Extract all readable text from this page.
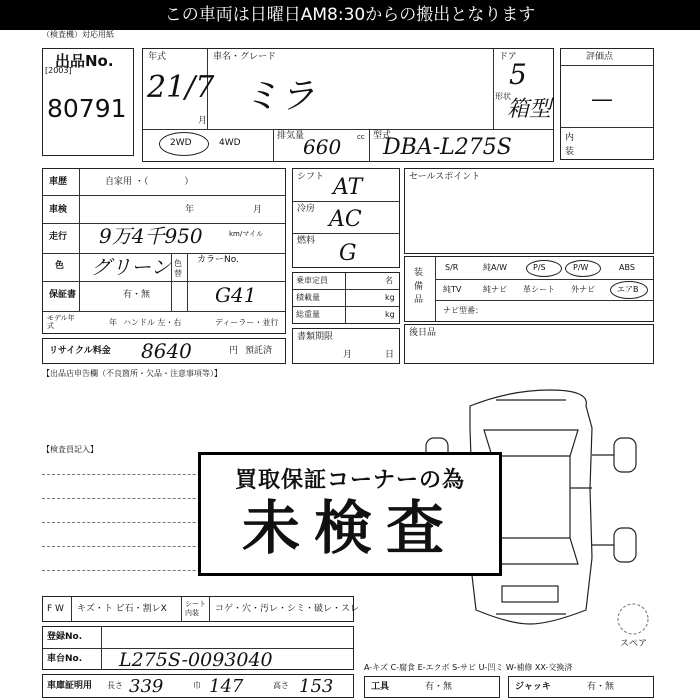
この車両は日曜日AM8:30からの搬出となります
（検査機）対応用紙
出品No.
[2003]
80791
年式
21/7
月
車名・グレード
ミラ
ドア
5
形状
箱型
2WD	4WD
排気量
660 cc 型式
DBA-L275S
評価点
—
内装
車歴	自家用 ・（　　　　）
車検	年	月
走行 9万4千950	km/マイル
色 グリーン 色替
カラーNo.
G41
保証書	有・無
モデル年式	年 ハンドル 左・右	ディーラー・並行
リサイクル料金 8640	円 預託済
シフト AT
冷房 AC
燃料 G
乗車定員	名
積載量	kg
総重量	kg
書類期限
月	日
セールスポイント
装備品
S/R	純A/W	P/S	P/W	ABS
純TV	純ナビ 革シート 外ナビ	エアB
ナビ型番：
後日品
【出品店申告欄（不良箇所・欠品・注意事項等）】
【検査員記入】
スペア
買取保証コーナーの為
未検査
F W キズ・ト ビ石・割レX	シート内装	コゲ・穴・汚レ・シミ・破レ・スレ
登録No.
車台No. L275S-0093040
車庫証明用 長さ 339	巾 147	高さ 153
A-キズ C-腐食 E-エクボ S-サビ U-凹ミ W-補修 XX-交換済
工具	有・無	ジャッキ	有・無
